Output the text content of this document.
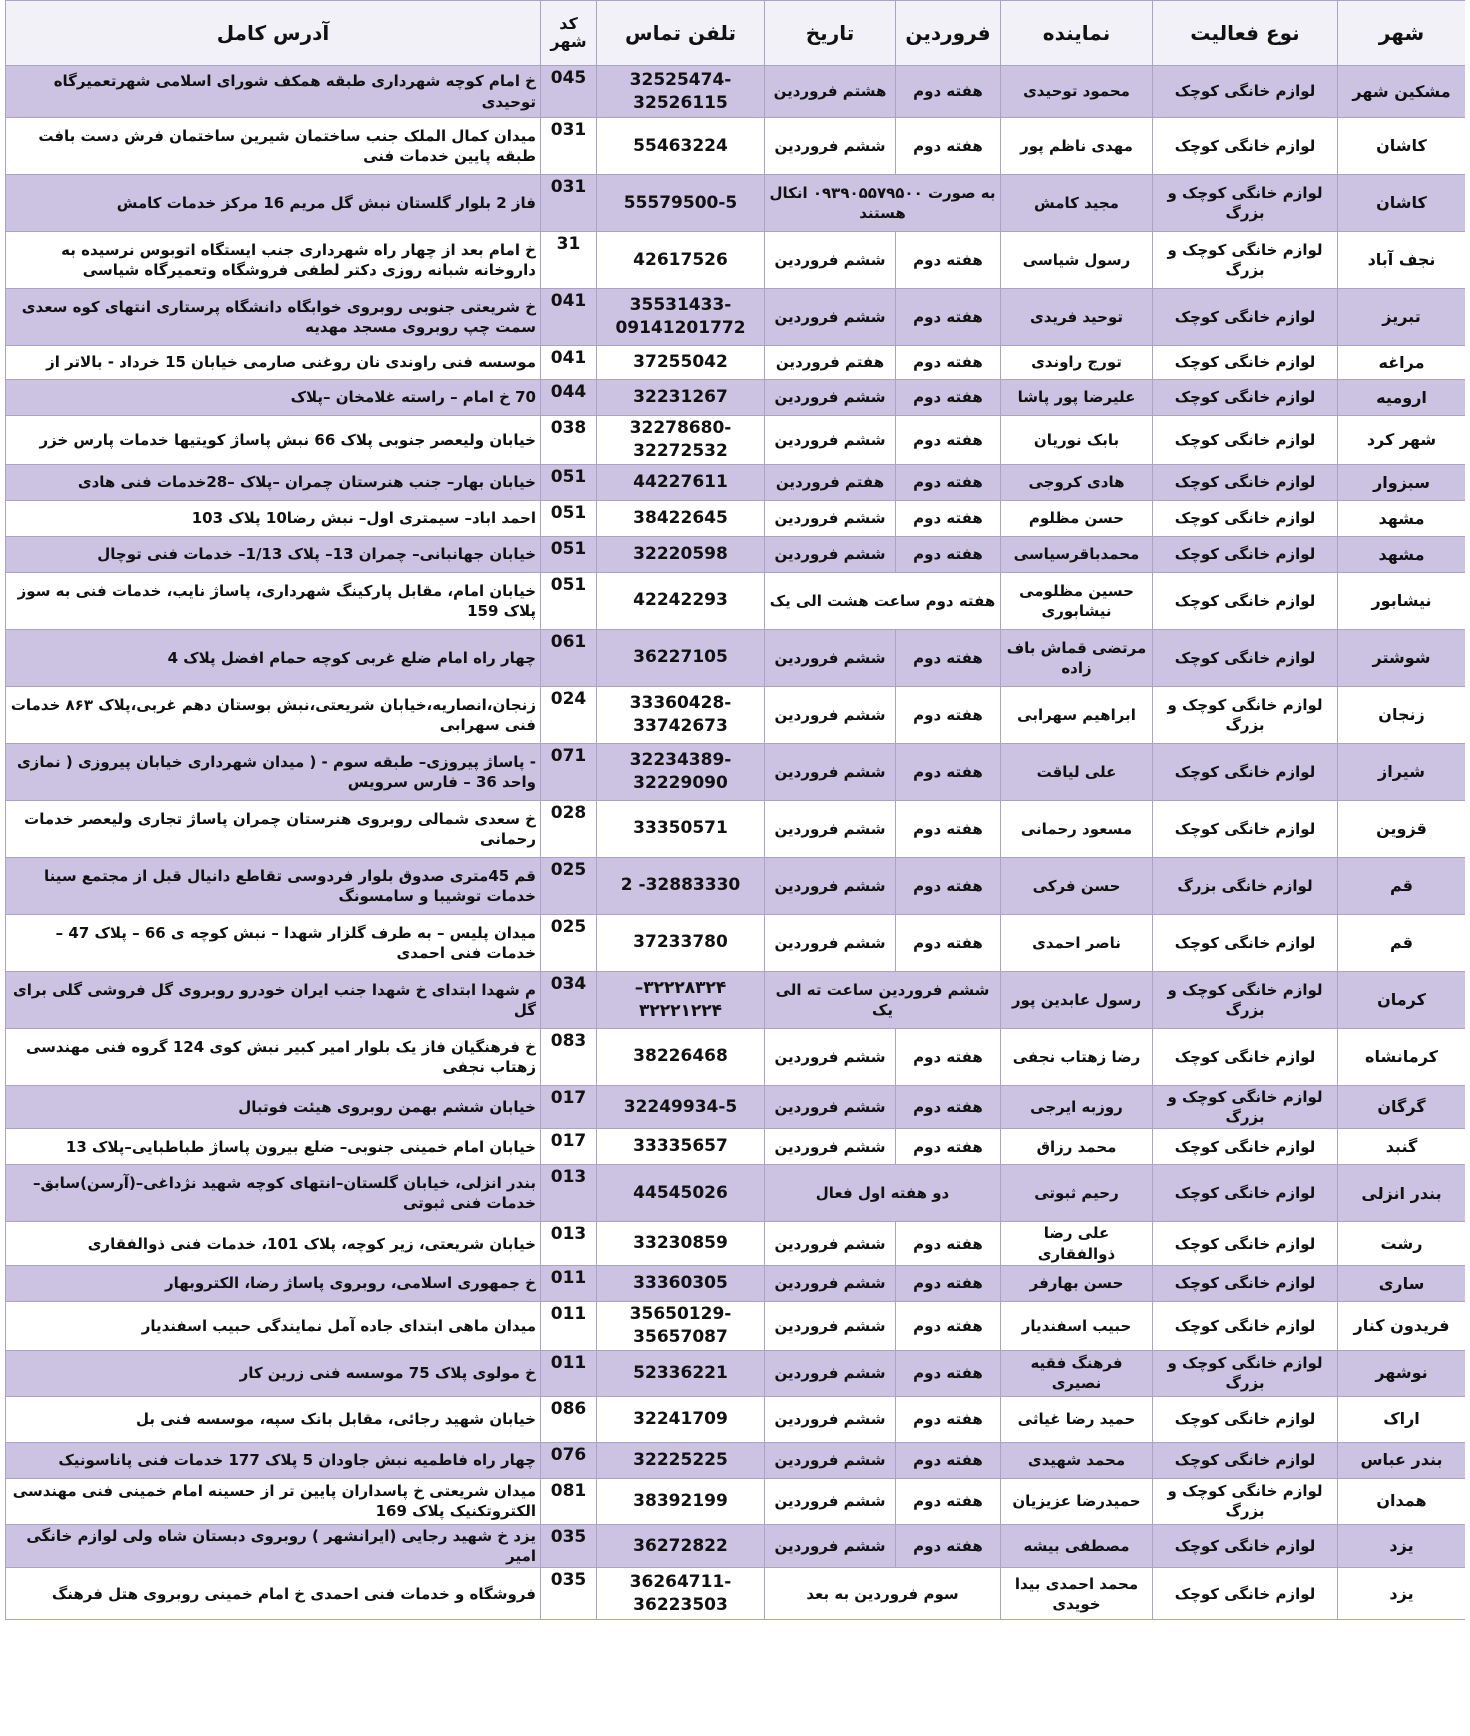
شهر	نوع فعالیت	نماینده	فروردین	تاریخ	تلفن تماس	کد شهر	آدرس کامل
مشکین شهر	لوازم خانگی کوچک	محمود توحیدی	هفته دوم	هشتم فروردین	32525474-32526115	045	خ امام کوچه شهرداری طبقه همکف شورای اسلامی شهرتعمیرگاه توحیدی
کاشان	لوازم خانگی کوچک	مهدی ناظم پور	هفته دوم	ششم فروردین	55463224	031	میدان کمال الملک جنب ساختمان شیرین ساختمان فرش دست بافت طبقه پایین خدمات فنی
کاشان	لوازم خانگی کوچک و بزرگ	مجید کامش	به صورت ۰۹۳۹۰۵۵۷۹۵۰۰ انکال هستند		55579500-5	031	فاز 2 بلوار گلستان نبش گل مریم 16 مرکز خدمات کامش
نجف آباد	لوازم خانگی کوچک و بزرگ	رسول شیاسی	هفته دوم	ششم فروردین	42617526	31	خ امام بعد از چهار راه شهرداری جنب ایستگاه اتوبوس نرسیده به داروخانه شبانه روزی دکتر لطفی فروشگاه وتعمیرگاه شیاسی
تبریز	لوازم خانگی کوچک	توحید فریدی	هفته دوم	ششم فروردین	35531433-09141201772	041	خ شریعتی جنوبی روبروی خوابگاه دانشگاه پرستاری انتهای کوه سعدی سمت چپ روبروی مسجد مهدیه
مراغه	لوازم خانگی کوچک	تورج راوندی	هفته دوم	هفتم فروردین	37255042	041	موسسه فنی راوندی نان روغنی صارمی خیابان 15 خرداد - بالاتر از
ارومیه	لوازم خانگی کوچک	علیرضا پور پاشا	هفته دوم	ششم فروردین	32231267	044	70 خ امام – راسته غلامخان –پلاک
شهر کرد	لوازم خانگی کوچک	بابک نوریان	هفته دوم	ششم فروردین	32278680-32272532	038	خیابان ولیعصر جنوبی پلاک 66 نبش پاساژ کویتیها خدمات پارس خزر
سبزوار	لوازم خانگی کوچک	هادی کروجی	هفته دوم	هفتم فروردین	44227611	051	خیابان بهار– جنب هنرستان چمران –پلاک –28خدمات فنی هادی
مشهد	لوازم خانگی کوچک	حسن مظلوم	هفته دوم	ششم فروردین	38422645	051	احمد اباد– سیمتری اول– نبش رضا10 پلاک 103
مشهد	لوازم خانگی کوچک	محمدباقرسیاسی	هفته دوم	ششم فروردین	32220598	051	خیابان جهانبانی– چمران 13– پلاک 1/13– خدمات فنی توچال
نیشابور	لوازم خانگی کوچک	حسین مظلومی نیشابوری	هفته دوم ساعت هشت الی یک		42242293	051	خیابان امام، مقابل پارکینگ شهرداری، پاساژ نایب، خدمات فنی به سوز پلاک 159
شوشتر	لوازم خانگی کوچک	مرتضی قماش باف زاده	هفته دوم	ششم فروردین	36227105	061	چهار راه امام ضلع غربی کوچه حمام افضل پلاک 4
زنجان	لوازم خانگی کوچک و بزرگ	ابراهیم سهرابی	هفته دوم	ششم فروردین	33360428-33742673	024	زنجان،انصاریه،خیابان شریعتی،نبش بوستان دهم غربی،پلاک ۸۶۳ خدمات فنی سهرابی
شیراز	لوازم خانگی کوچک	علی لیاقت	هفته دوم	ششم فروردین	32234389-32229090	071	- پاساژ پیروزی– طبقه سوم - ( میدان شهرداری خیابان پیروزی ( نمازی واحد 36 – فارس سرویس
قزوین	لوازم خانگی کوچک	مسعود رحمانی	هفته دوم	ششم فروردین	33350571	028	خ سعدی شمالی روبروی هنرستان چمران پاساژ تجاری ولیعصر خدمات رحمانی
قم	لوازم خانگی بزرگ	حسن فرکی	هفته دوم	ششم فروردین	32883330- 2	025	قم 45متری صدوق بلوار فردوسی تقاطع دانیال قبل از مجتمع سینا خدمات توشیبا و سامسونگ
قم	لوازم خانگی کوچک	ناصر احمدی	هفته دوم	ششم فروردین	37233780	025	میدان پلیس – به طرف گلزار شهدا – نبش کوچه ی 66 – پلاک 47 – خدمات فنی احمدی
کرمان	لوازم خانگی کوچک و بزرگ	رسول عابدین پور	ششم فروردین ساعت ته الی یک		۳۲۲۲۸۳۲۴–۳۲۲۲۱۲۲۴	034	م شهدا ابتدای خ شهدا جنب ایران خودرو روبروی گل فروشی گلی برای گل
کرمانشاه	لوازم خانگی کوچک	رضا زهتاب نجفی	هفته دوم	ششم فروردین	38226468	083	خ فرهنگیان فاز یک بلوار امیر کبیر نبش کوی 124 گروه فنی مهندسی زهتاب نجفی
گرگان	لوازم خانگی کوچک و بزرگ	روزبه ایرجی	هفته دوم	ششم فروردین	32249934-5	017	خیابان ششم بهمن روبروی هیئت فوتبال
گنبد	لوازم خانگی کوچک	محمد رزاق	هفته دوم	ششم فروردین	33335657	017	خیابان امام خمینی جنوبی– ضلع بیرون پاساژ طباطبایی–پلاک 13
بندر انزلی	لوازم خانگی کوچک	رحیم ثبوتی	دو هفته اول فعال		44545026	013	بندر انزلی، خیابان گلستان–انتهای کوچه شهید نژداغی–(آرسن)سابق–خدمات فنی ثبوتی
رشت	لوازم خانگی کوچک	علی رضا ذوالفقاری	هفته دوم	ششم فروردین	33230859	013	خیابان شریعتی، زیر کوچه، پلاک 101، خدمات فنی ذوالفقاری
ساری	لوازم خانگی کوچک	حسن بهارفر	هفته دوم	ششم فروردین	33360305	011	خ جمهوری اسلامی، روبروی پاساژ رضا، الکتروبهار
فریدون کنار	لوازم خانگی کوچک	حبیب اسفندیار	هفته دوم	ششم فروردین	35650129-35657087	011	میدان ماهی ابتدای جاده آمل نمایندگی حبیب اسفندیار
نوشهر	لوازم خانگی کوچک و بزرگ	فرهنگ فقیه نصیری	هفته دوم	ششم فروردین	52336221	011	خ مولوی پلاک 75 موسسه فنی زرین کار
اراک	لوازم خانگی کوچک	حمید رضا غیاثی	هفته دوم	ششم فروردین	32241709	086	خیابان شهید رجائی، مقابل بانک سپه، موسسه فنی بل
بندر عباس	لوازم خانگی کوچک	محمد شهیدی	هفته دوم	ششم فروردین	32225225	076	چهار راه فاطمیه نبش جاودان 5 پلاک 177 خدمات فنی پاناسونیک
همدان	لوازم خانگی کوچک و بزرگ	حمیدرضا عزیزیان	هفته دوم	ششم فروردین	38392199	081	میدان شریعتی خ پاسداران پایین تر از حسینه امام خمینی فنی مهندسی الکتروتکنیک پلاک 169
یزد	لوازم خانگی کوچک	مصطفی بیشه	هفته دوم	ششم فروردین	36272822	035	یزد خ شهید رجایی (ایرانشهر ) روبروی دبستان شاه ولی لوازم خانگی امیر
یزد	لوازم خانگی کوچک	محمد احمدی بیدا خویدی	سوم فروردین به بعد		36264711-36223503	035	فروشگاه و خدمات فنی احمدی خ امام خمینی روبروی هتل فرهنگ
